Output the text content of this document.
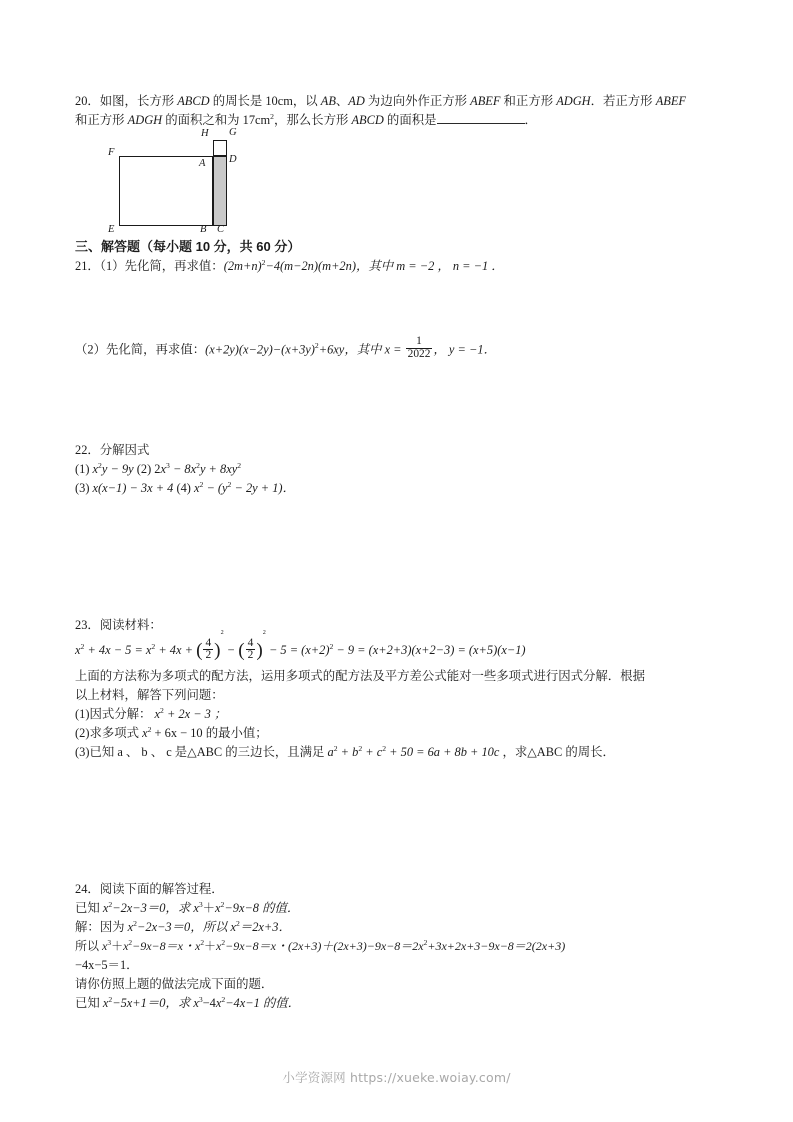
20．如图，长方形 ABCD 的周长是 10cm，以 AB、AD 为边向外作正方形 ABEF 和正方形 ADGH．若正方形 ABEF
和正方形 ADGH 的面积之和为 $17cm^2$，那么长方形 ABCD 的面积是	．
H G
F
A D
E	B C
三、解答题（每小题 10 分，共 60 分）
21．（1）先化简，再求值：$(2m+n)^2-4(m-2n)(m+2n)$，其中 m = −2 ， n = −1 ．
（2）先化简，再求值：$(x+2y)(x-2y)-(x+3y)^2+6xy$，其中 $x = \frac{1}{2022}$ ， y = −1．
22．分解因式
(1) $x^2y - 9y$ (2) $2x^3 - 8x^2y + 8xy^2$
(3) x(x−1) − 3x + 4 (4) $x^2 - (y^2 - 2y + 1)$．
23．阅读材料：
$x^2 + 4x - 5 = x^2 + 4x$ + ( $\frac{4}{2} )^2$ − ( $\frac{4}{2} )^2 - 5 = (x+2)^2 - 9 = (x+2+3)(x+2-3) = (x+5)(x-1)$
上面的方法称为多项式的配方法，运用多项式的配方法及平方差公式能对一些多项式进行因式分解．根据
以上材料，解答下列问题：
(1)因式分解： $x^2 + 2x - 3$ ；
(2)求多项式 $x^2 + 6x - 10$ 的最小值；
(3)已知 a 、 b 、 c 是△ABC 的三边长，且满足 $a^2 + b^2 + c^2 + 50 = 6a + 8b + 10c$ ，求△ABC 的周长．
24．阅读下面的解答过程．
已知 $x^2-2x-3=0$，求 $x^3+x^2-9x-8$ 的值．
解：因为 $x^2-2x-3=0$，所以 $x^2=2x+3$．
所以 $x^3+x^2-9x-8=x$・$x^2+x^2-9x-8=x$・$(2x+3)+(2x+3)-9x-8=2x^2+3x+2x+3-9x-8=2(2x+3)$
−4x−5＝1．
请你仿照上题的做法完成下面的题．
已知 $x^2-5x+1=0$，求 $x^3-4x^2-4x-1$ 的值．
小学资源网 https://xueke.woiay.com/
